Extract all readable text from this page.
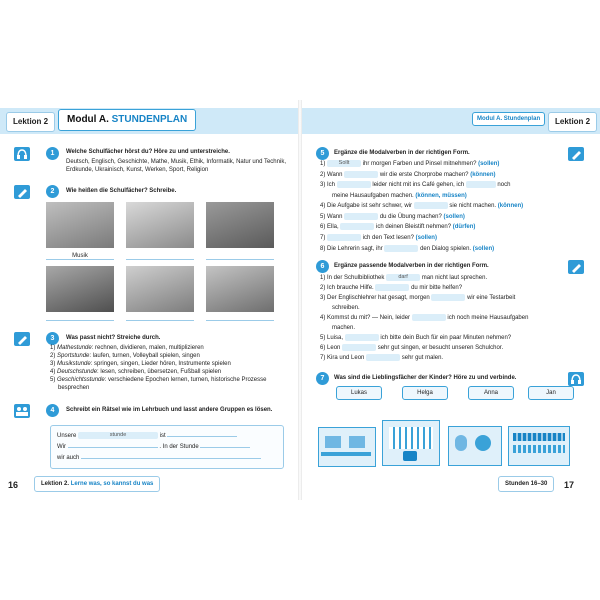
Lektion 2	Modul A. STUNDENPLAN
1	Welche Schulfächer hörst du? Höre zu und unterstreiche.
Deutsch, Englisch, Geschichte, Mathe, Musik, Ethik, Informatik, Natur und Technik, Erdkunde, Ukrainisch, Kunst, Werken, Sport, Religion
2	Wie heißen die Schulfächer? Schreibe.
Musik
3	Was passt nicht? Streiche durch.
1) Mathestunde: rechnen, dividieren, malen, multiplizieren
2) Sportstunde: laufen, turnen, Volleyball spielen, singen
3) Musikstunde: springen, singen, Lieder hören, Instrumente spielen
4) Deutschstunde: lesen, schreiben, übersetzen, Fußball spielen
5) Geschichtsstunde: verschiedene Epochen lernen, turnen, historische Prozesse
besprechen
4	Schreibt ein Rätsel wie im Lehrbuch und lasst andere Gruppen es lösen.
Unsere	stunde	ist
Wir	. In der Stunde
wir auch
16	Lektion 2. Lerne was, so kannst du was
Modul A. Stundenplan	Lektion 2
5	Ergänze die Modalverben in der richtigen Form.
1) Sollt ihr morgen Farben und Pinsel mitnehmen? (sollen)
2) Wann	wir die erste Chorprobe machen? (können)
3) Ich	leider nicht mit ins Café gehen, ich	noch
meine Hausaufgaben machen. (können, müssen)
4) Die Aufgabe ist sehr schwer, wir	sie nicht machen. (können)
5) Wann	du die Übung machen? (sollen)
6) Ella,	ich deinen Bleistift nehmen? (dürfen)
7)	ich den Text lesen? (sollen)
8) Die Lehrerin sagt, ihr	den Dialog spielen. (sollen)
6	Ergänze passende Modalverben in der richtigen Form.
1) In der Schulbibliothek	darf man nicht laut sprechen.
2) Ich brauche Hilfe.	du mir bitte helfen?
3) Der Englischlehrer hat gesagt, morgen	wir eine Testarbeit
schreiben.
4) Kommst du mit? — Nein, leider	ich noch meine Hausaufgaben
machen.
5) Luisa,	ich bitte dein Buch für ein paar Minuten nehmen?
6) Leon	sehr gut singen, er besucht unseren Schulchor.
7) Kira und Leon	sehr gut malen.
7	Was sind die Lieblingsfächer der Kinder? Höre zu und verbinde.
Lukas	Helga	Anna	Jan
Stunden 16–30	17
